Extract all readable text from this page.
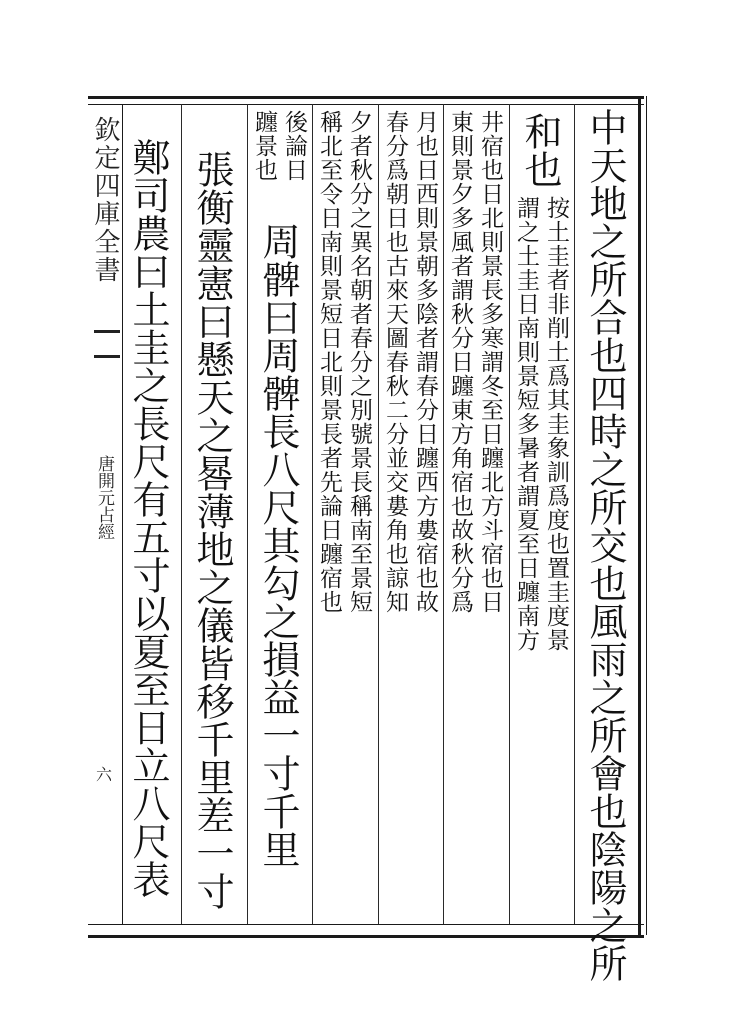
欽定四庫全書
唐開元占經
六	中天地之所合也四時之所交也風雨之所會也陰陽之所
和也
按土圭者非削土爲其圭象訓爲度也置圭度景
謂之土圭日南則景短多暑者謂夏至日躔南方
井宿也日北則景長多寒謂冬至日躔北方斗宿也日
東則景夕多風者謂秋分日躔東方角宿也故秋分爲
月也日西則景朝多陰者謂春分日躔西方婁宿也故
春分爲朝日也古來天圖春秋二分並交婁角也諒知
夕者秋分之異名朝者春分之別號景長稱南至景短
稱北至令日南則景短日北則景長者先論日躔宿也
後論日
躔景也
周髀曰周髀長八尺其勾之損益一寸千里
張衡靈憲曰懸天之晷薄地之儀皆移千里差一寸
鄭司農曰土圭之長尺有五寸以夏至日立八尺表
